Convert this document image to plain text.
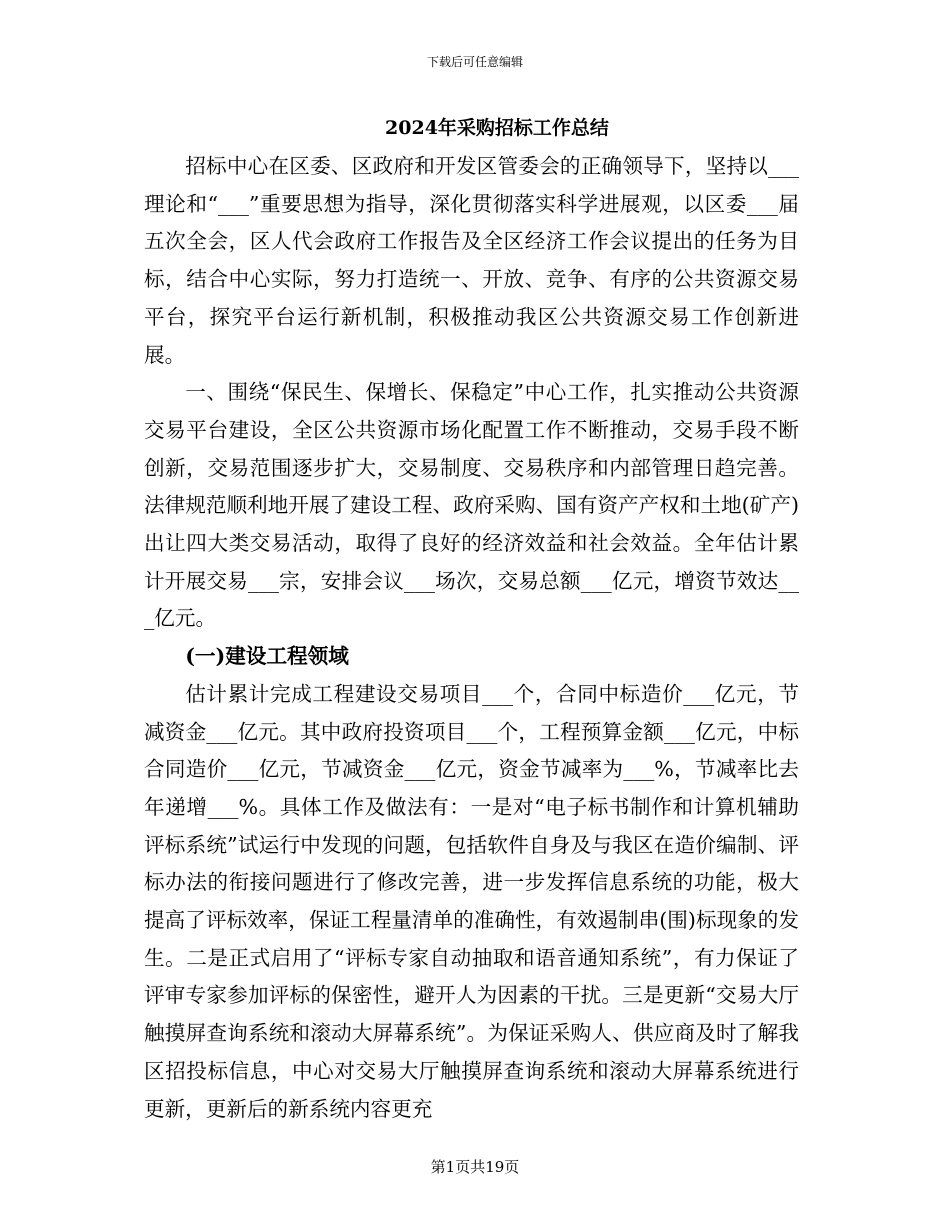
下载后可任意编辑
2024年采购招标工作总结

招标中心在区委、区政府和开发区管委会的正确领导下，坚持以___理论和“___”重要思想为指导，深化贯彻落实科学进展观，以区委___届五次全会，区人代会政府工作报告及全区经济工作会议提出的任务为目标，结合中心实际，努力打造统一、开放、竞争、有序的公共资源交易平台，探究平台运行新机制，积极推动我区公共资源交易工作创新进展。

一、围绕“保民生、保增长、保稳定”中心工作，扎实推动公共资源交易平台建设，全区公共资源市场化配置工作不断推动，交易手段不断创新，交易范围逐步扩大，交易制度、交易秩序和内部管理日趋完善。法律规范顺利地开展了建设工程、政府采购、国有资产产权和土地(矿产)出让四大类交易活动，取得了良好的经济效益和社会效益。全年估计累计开展交易___宗，安排会议___场次，交易总额___亿元，增资节效达___亿元。

(一)建设工程领域

估计累计完成工程建设交易项目___个，合同中标造价___亿元，节减资金___亿元。其中政府投资项目___个，工程预算金额___亿元，中标合同造价___亿元，节减资金___亿元，资金节减率为___%，节减率比去年递增___%。具体工作及做法有：一是对“电子标书制作和计算机辅助评标系统”试运行中发现的问题，包括软件自身及与我区在造价编制、评标办法的衔接问题进行了修改完善，进一步发挥信息系统的功能，极大提高了评标效率，保证工程量清单的准确性，有效遏制串(围)标现象的发生。二是正式启用了“评标专家自动抽取和语音通知系统”，有力保证了评审专家参加评标的保密性，避开人为因素的干扰。三是更新“交易大厅触摸屏查询系统和滚动大屏幕系统”。为保证采购人、供应商及时了解我区招投标信息，中心对交易大厅触摸屏查询系统和滚动大屏幕系统进行更新，更新后的新系统内容更充

第1页共19页
